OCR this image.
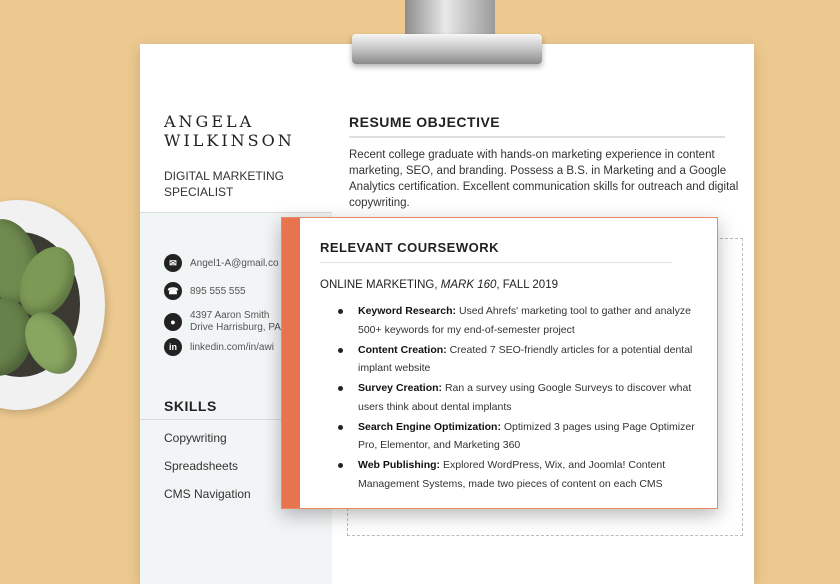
ANGELA
WILKINSON
DIGITAL MARKETING
SPECIALIST
✉	Angel1-A@gmail.co
☎	895 555 555
●
4397 Aaron Smith
Drive Harrisburg, PA
in	linkedin.com/in/awi
SKILLS
Copywriting
Spreadsheets
CMS Navigation
RESUME OBJECTIVE
Recent college graduate with hands-on marketing experience in content marketing, SEO, and branding. Possess a B.S. in Marketing and a Google Analytics certification. Excellent communication skills for outreach and digital copywriting.
RELEVANT COURSEWORK
ONLINE MARKETING, MARK 160, FALL 2019
Keyword Research: Used Ahrefs' marketing tool to gather and analyze 500+ keywords for my end-of-semester project
Content Creation: Created 7 SEO-friendly articles for a potential dental implant website
Survey Creation: Ran a survey using Google Surveys to discover what users think about dental implants
Search Engine Optimization: Optimized 3 pages using Page Optimizer Pro, Elementor, and Marketing 360
Web Publishing: Explored WordPress, Wix, and Joomla! Content Management Systems, made two pieces of content on each CMS
